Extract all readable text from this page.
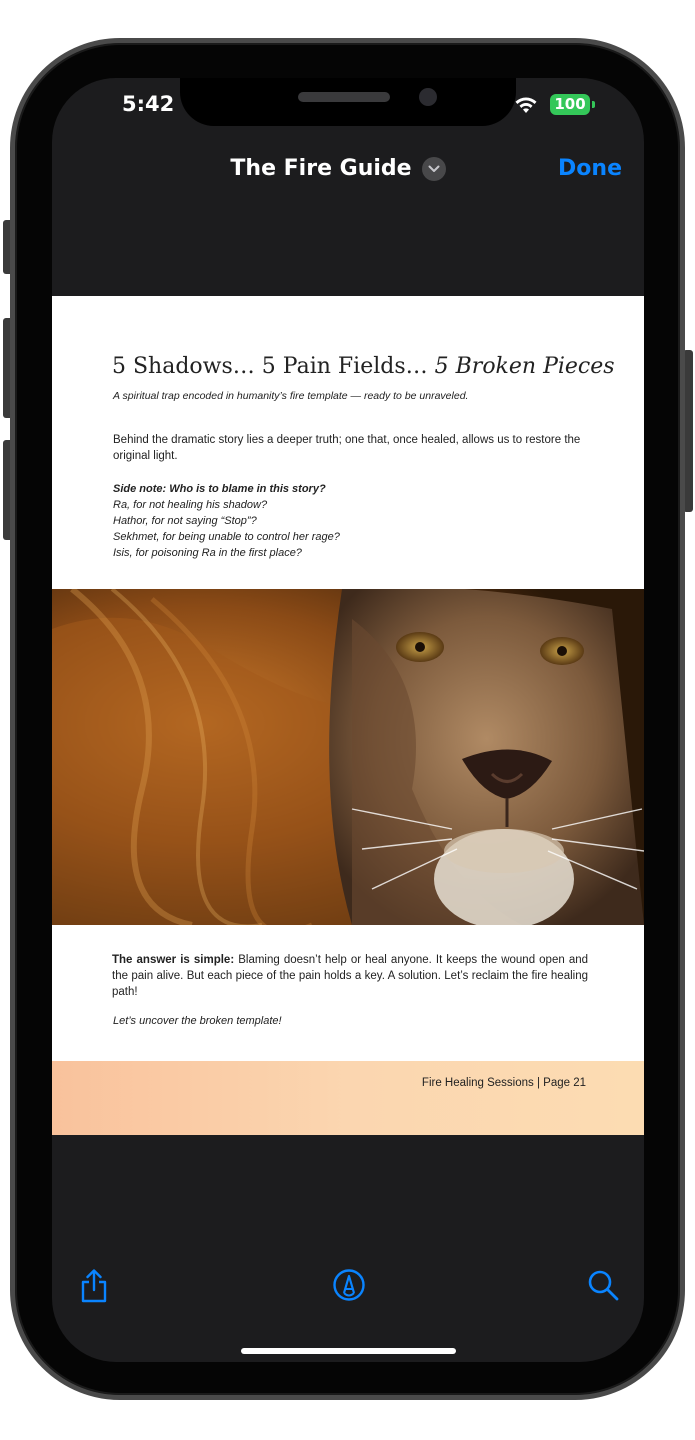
5:42	100
The Fire Guide	Done
5 Shadows… 5 Pain Fields… 5 Broken Pieces
A spiritual trap encoded in humanity’s fire template — ready to be unraveled.
Behind the dramatic story lies a deeper truth; one that, once healed, allows us to restore the original light.
Side note: Who is to blame in this story?
Ra, for not healing his shadow?
Hathor, for not saying “Stop”?
Sekhmet, for being unable to control her rage?
Isis, for poisoning Ra in the first place?
The answer is simple: Blaming doesn’t help or heal anyone. It keeps the wound open and the pain alive. But each piece of the pain holds a key. A solution. Let’s reclaim the fire healing path!
Let’s uncover the broken template!
Fire Healing Sessions | Page 21
